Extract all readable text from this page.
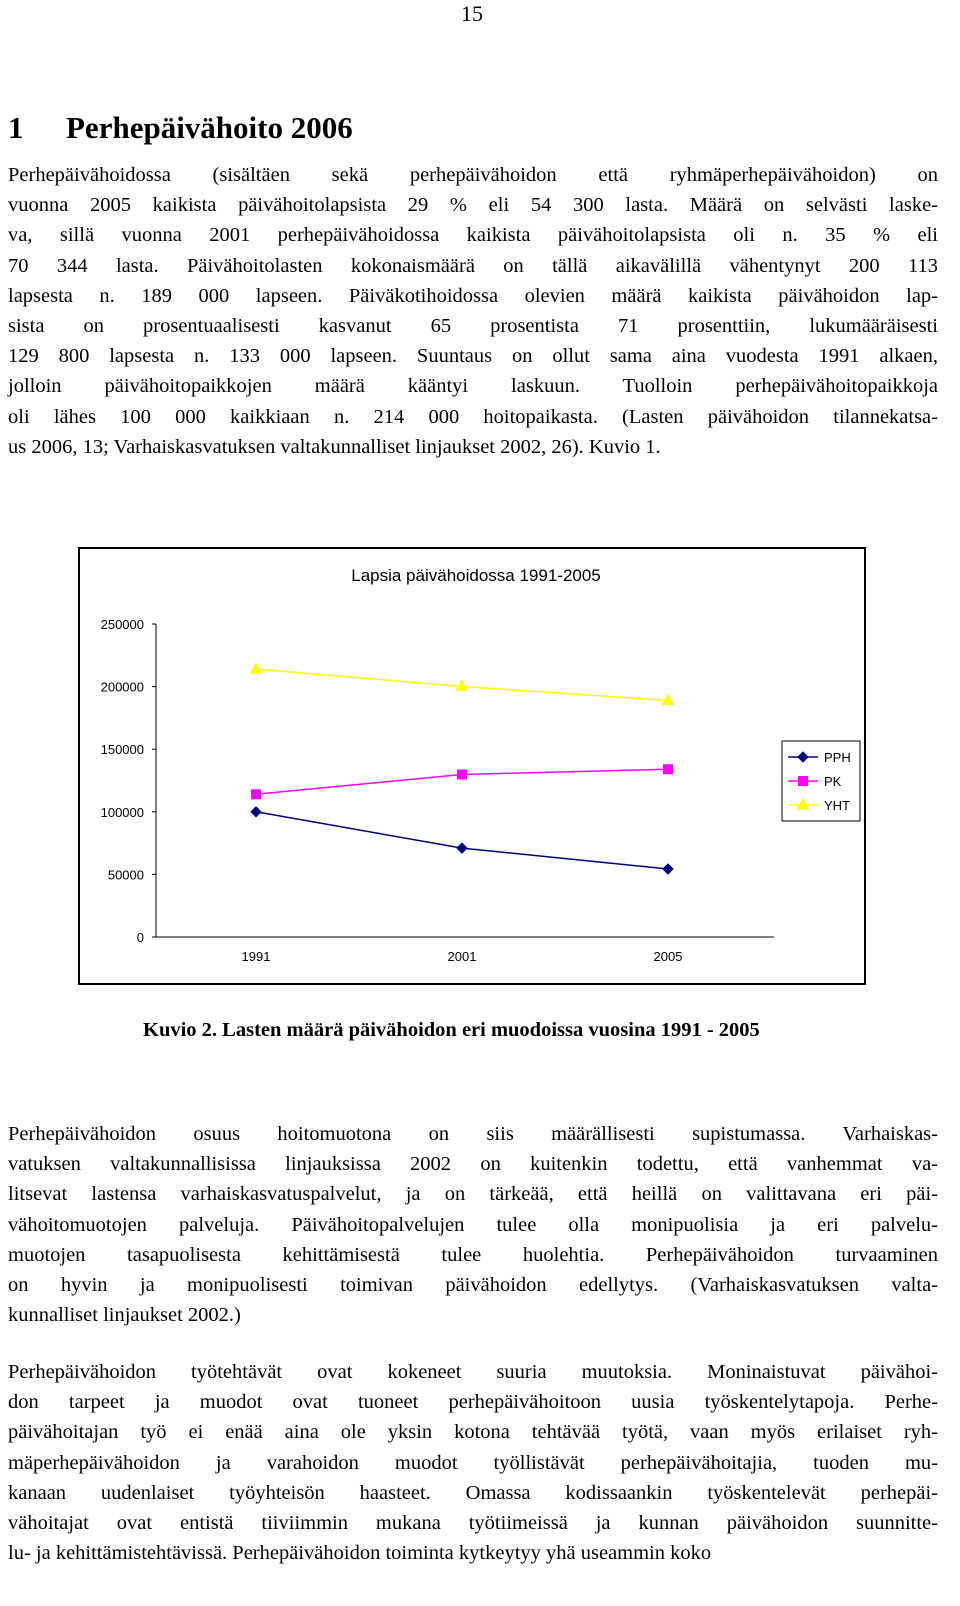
15
1 Perhepäivähoito 2006

Perhepäivähoidossa (sisältäen sekä perhepäivähoidon että ryhmäperhepäivähoidon) on
vuonna 2005 kaikista päivähoitolapsista 29 % eli 54 300 lasta. Määrä on selvästi laske-
va, sillä vuonna 2001 perhepäivähoidossa kaikista päivähoitolapsista oli n. 35 % eli
70 344 lasta. Päivähoitolasten kokonaismäärä on tällä aikavälillä vähentynyt 200 113
lapsesta n. 189 000 lapseen. Päiväkotihoidossa olevien määrä kaikista päivähoidon lap-
sista on prosentuaalisesti kasvanut 65 prosentista 71 prosenttiin, lukumääräisesti
129 800 lapsesta n. 133 000 lapseen. Suuntaus on ollut sama aina vuodesta 1991 alkaen,
jolloin päivähoitopaikkojen määrä kääntyi laskuun. Tuolloin perhepäivähoitopaikkoja
oli lähes 100 000 kaikkiaan n. 214 000 hoitopaikasta. (Lasten päivähoidon tilannekatsa-
us 2006, 13; Varhaiskasvatuksen valtakunnalliset linjaukset 2002, 26). Kuvio 1.

Lapsia päivähoidossa 1991-2005
0
50000
100000
150000
200000
250000
1991	2001	2005
PPH
PK
YHT

Kuvio 2. Lasten määrä päivähoidon eri muodoissa vuosina 1991 - 2005

Perhepäivähoidon osuus hoitomuotona on siis määrällisesti supistumassa. Varhaiskas-
vatuksen valtakunnallisissa linjauksissa 2002 on kuitenkin todettu, että vanhemmat va-
litsevat lastensa varhaiskasvatuspalvelut, ja on tärkeää, että heillä on valittavana eri päi-
vähoitomuotojen palveluja. Päivähoitopalvelujen tulee olla monipuolisia ja eri palvelu-
muotojen tasapuolisesta kehittämisestä tulee huolehtia. Perhepäivähoidon turvaaminen
on hyvin ja monipuolisesti toimivan päivähoidon edellytys. (Varhaiskasvatuksen valta-
kunnalliset linjaukset 2002.)

Perhepäivähoidon työtehtävät ovat kokeneet suuria muutoksia. Moninaistuvat päivähoi-
don tarpeet ja muodot ovat tuoneet perhepäivähoitoon uusia työskentelytapoja. Perhe-
päivähoitajan työ ei enää aina ole yksin kotona tehtävää työtä, vaan myös erilaiset ryh-
mäperhepäivähoidon ja varahoidon muodot työllistävät perhepäivähoitajia, tuoden mu-
kanaan uudenlaiset työyhteisön haasteet. Omassa kodissaankin työskentelevät perhepäi-
vähoitajat ovat entistä tiiviimmin mukana työtiimeissä ja kunnan päivähoidon suunnitte-
lu- ja kehittämistehtävissä. Perhepäivähoidon toiminta kytkeytyy yhä useammin koko
